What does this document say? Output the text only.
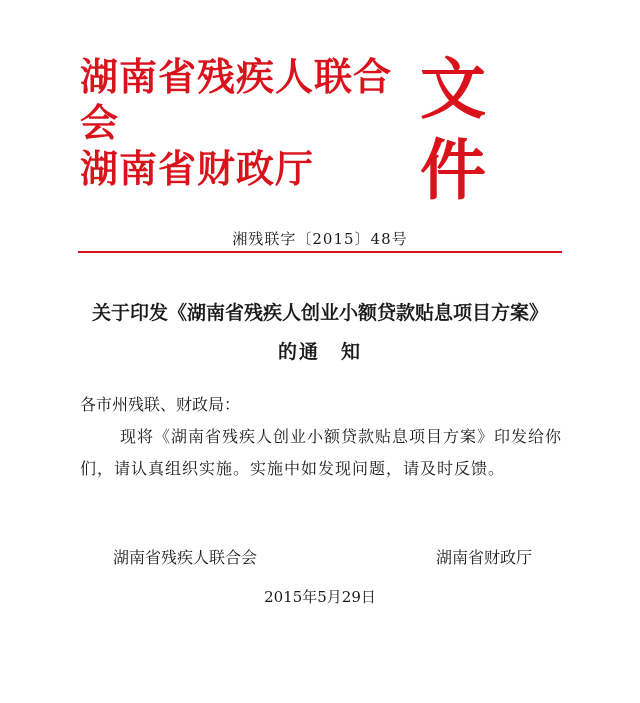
湖南省残疾人联合
会
湖南省财政厅
文
件
湘残联字〔2015〕48号
关于印发《湖南省残疾人创业小额贷款贴息项目方案》
的通　知
各市州残联、财政局：
现将《湖南省残疾人创业小额贷款贴息项目方案》印发给你
们，请认真组织实施。实施中如发现问题，请及时反馈。
湖南省残疾人联合会	湖南省财政厅
2015年5月29日
